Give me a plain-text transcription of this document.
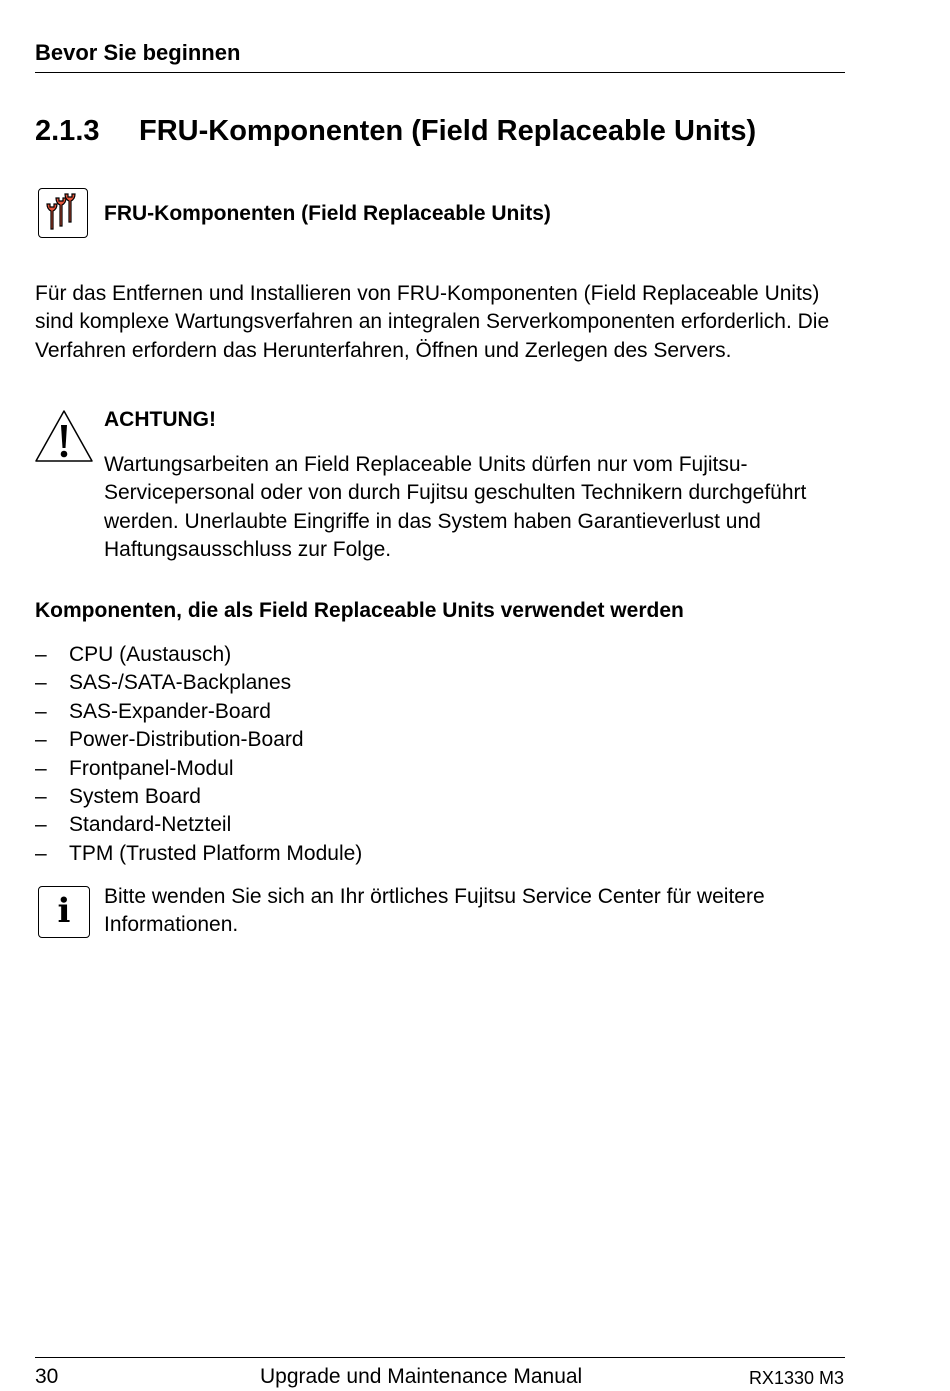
Bevor Sie beginnen
2.1.3 FRU-Komponenten (Field Replaceable Units)
FRU-Komponenten (Field Replaceable Units)
Für das Entfernen und Installieren von FRU-Komponenten (Field Replaceable Units) sind komplexe Wartungsverfahren an integralen Serverkomponenten erforderlich. Die Verfahren erfordern das Herunterfahren, Öffnen und Zerlegen des Servers.
ACHTUNG!
Wartungsarbeiten an Field Replaceable Units dürfen nur vom Fujitsu-Servicepersonal oder von durch Fujitsu geschulten Technikern durchgeführt werden. Unerlaubte Eingriffe in das System haben Garantieverlust und Haftungsausschluss zur Folge.
Komponenten, die als Field Replaceable Units verwendet werden
– CPU (Austausch)
– SAS-/SATA-Backplanes
– SAS-Expander-Board
– Power-Distribution-Board
– Frontpanel-Modul
– System Board
– Standard-Netzteil
– TPM (Trusted Platform Module)
i	Bitte wenden Sie sich an Ihr örtliches Fujitsu Service Center für weitere Informationen.
30	Upgrade und Maintenance Manual	RX1330 M3
